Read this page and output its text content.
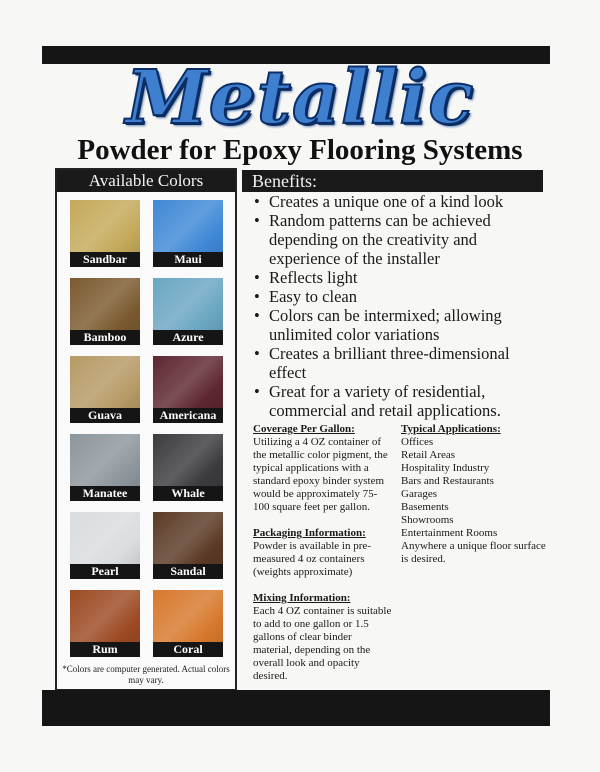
Metallic
Powder for Epoxy Flooring Systems
Available Colors
*Colors are computer generated. Actual colors may vary.
Sandbar	Maui
Bamboo	Azure
Guava	Americana
Manatee	Whale
Pearl	Sandal
Rum	Coral
Benefits:
• Creates a unique one of a kind look
• Random patterns can be achieved depending on the creativity and experience of the installer
• Reflects light
• Easy to clean
• Colors can be intermixed; allowing unlimited color variations
• Creates a brilliant three-dimensional effect
• Great for a variety of residential, commercial and retail applications.
Coverage Per Gallon:
Utilizing a 4 OZ container of the metallic color pigment, the typical applications with a standard epoxy binder system would be approximately 75-100 square feet per gallon.
Packaging Information:
Powder is available in pre-measured 4 oz containers (weights approximate)
Mixing Information:
Each 4 OZ container is suitable to add to one gallon or 1.5 gallons of clear binder material, depending on the overall look and opacity desired.
Typical Applications:
Offices
Retail Areas
Hospitality Industry
Bars and Restaurants
Garages
Basements
Showrooms
Entertainment Rooms
Anywhere a unique floor surface is desired.
